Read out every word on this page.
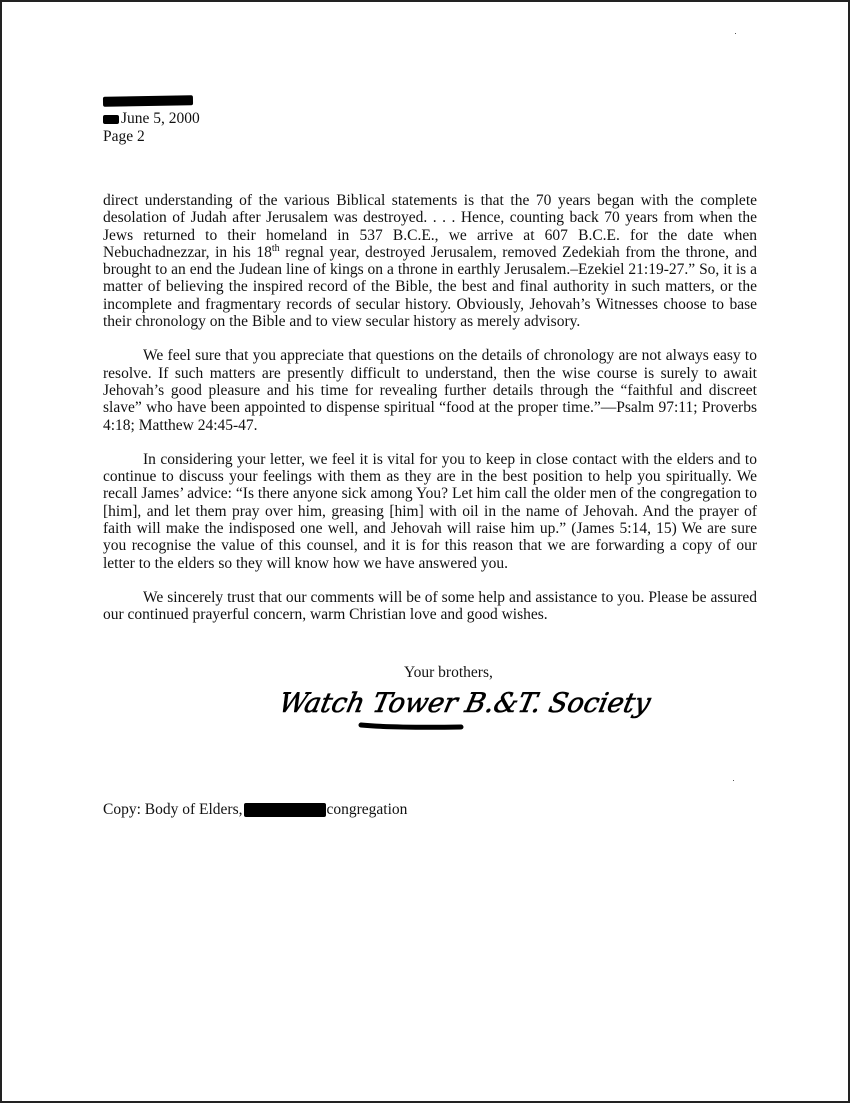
June 5, 2000
Page 2

direct understanding of the various Biblical statements is that the 70 years began with the complete desolation of Judah after Jerusalem was destroyed. . . . Hence, counting back 70 years from when the Jews returned to their homeland in 537 B.C.E., we arrive at 607 B.C.E. for the date when Nebuchadnezzar, in his 18th regnal year, destroyed Jerusalem, removed Zedekiah from the throne, and brought to an end the Judean line of kings on a throne in earthly Jerusalem.–Ezekiel 21:19-27.” So, it is a matter of believing the inspired record of the Bible, the best and final authority in such matters, or the incomplete and fragmentary records of secular history. Obviously, Jehovah’s Witnesses choose to base their chronology on the Bible and to view secular history as merely advisory.

We feel sure that you appreciate that questions on the details of chronology are not always easy to resolve. If such matters are presently difficult to understand, then the wise course is surely to await Jehovah’s good pleasure and his time for revealing further details through the “faithful and discreet slave” who have been appointed to dispense spiritual “food at the proper time.”—Psalm 97:11; Proverbs 4:18; Matthew 24:45-47.

In considering your letter, we feel it is vital for you to keep in close contact with the elders and to continue to discuss your feelings with them as they are in the best position to help you spiritually. We recall James’ advice: “Is there anyone sick among You? Let him call the older men of the congregation to [him], and let them pray over him, greasing [him] with oil in the name of Jehovah. And the prayer of faith will make the indisposed one well, and Jehovah will raise him up.” (James 5:14, 15) We are sure you recognise the value of this counsel, and it is for this reason that we are forwarding a copy of our letter to the elders so they will know how we have answered you.

We sincerely trust that our comments will be of some help and assistance to you. Please be assured our continued prayerful concern, warm Christian love and good wishes.

Your brothers,
Watch Tower B.&T. Society
Copy: Body of Elders,	congregation
